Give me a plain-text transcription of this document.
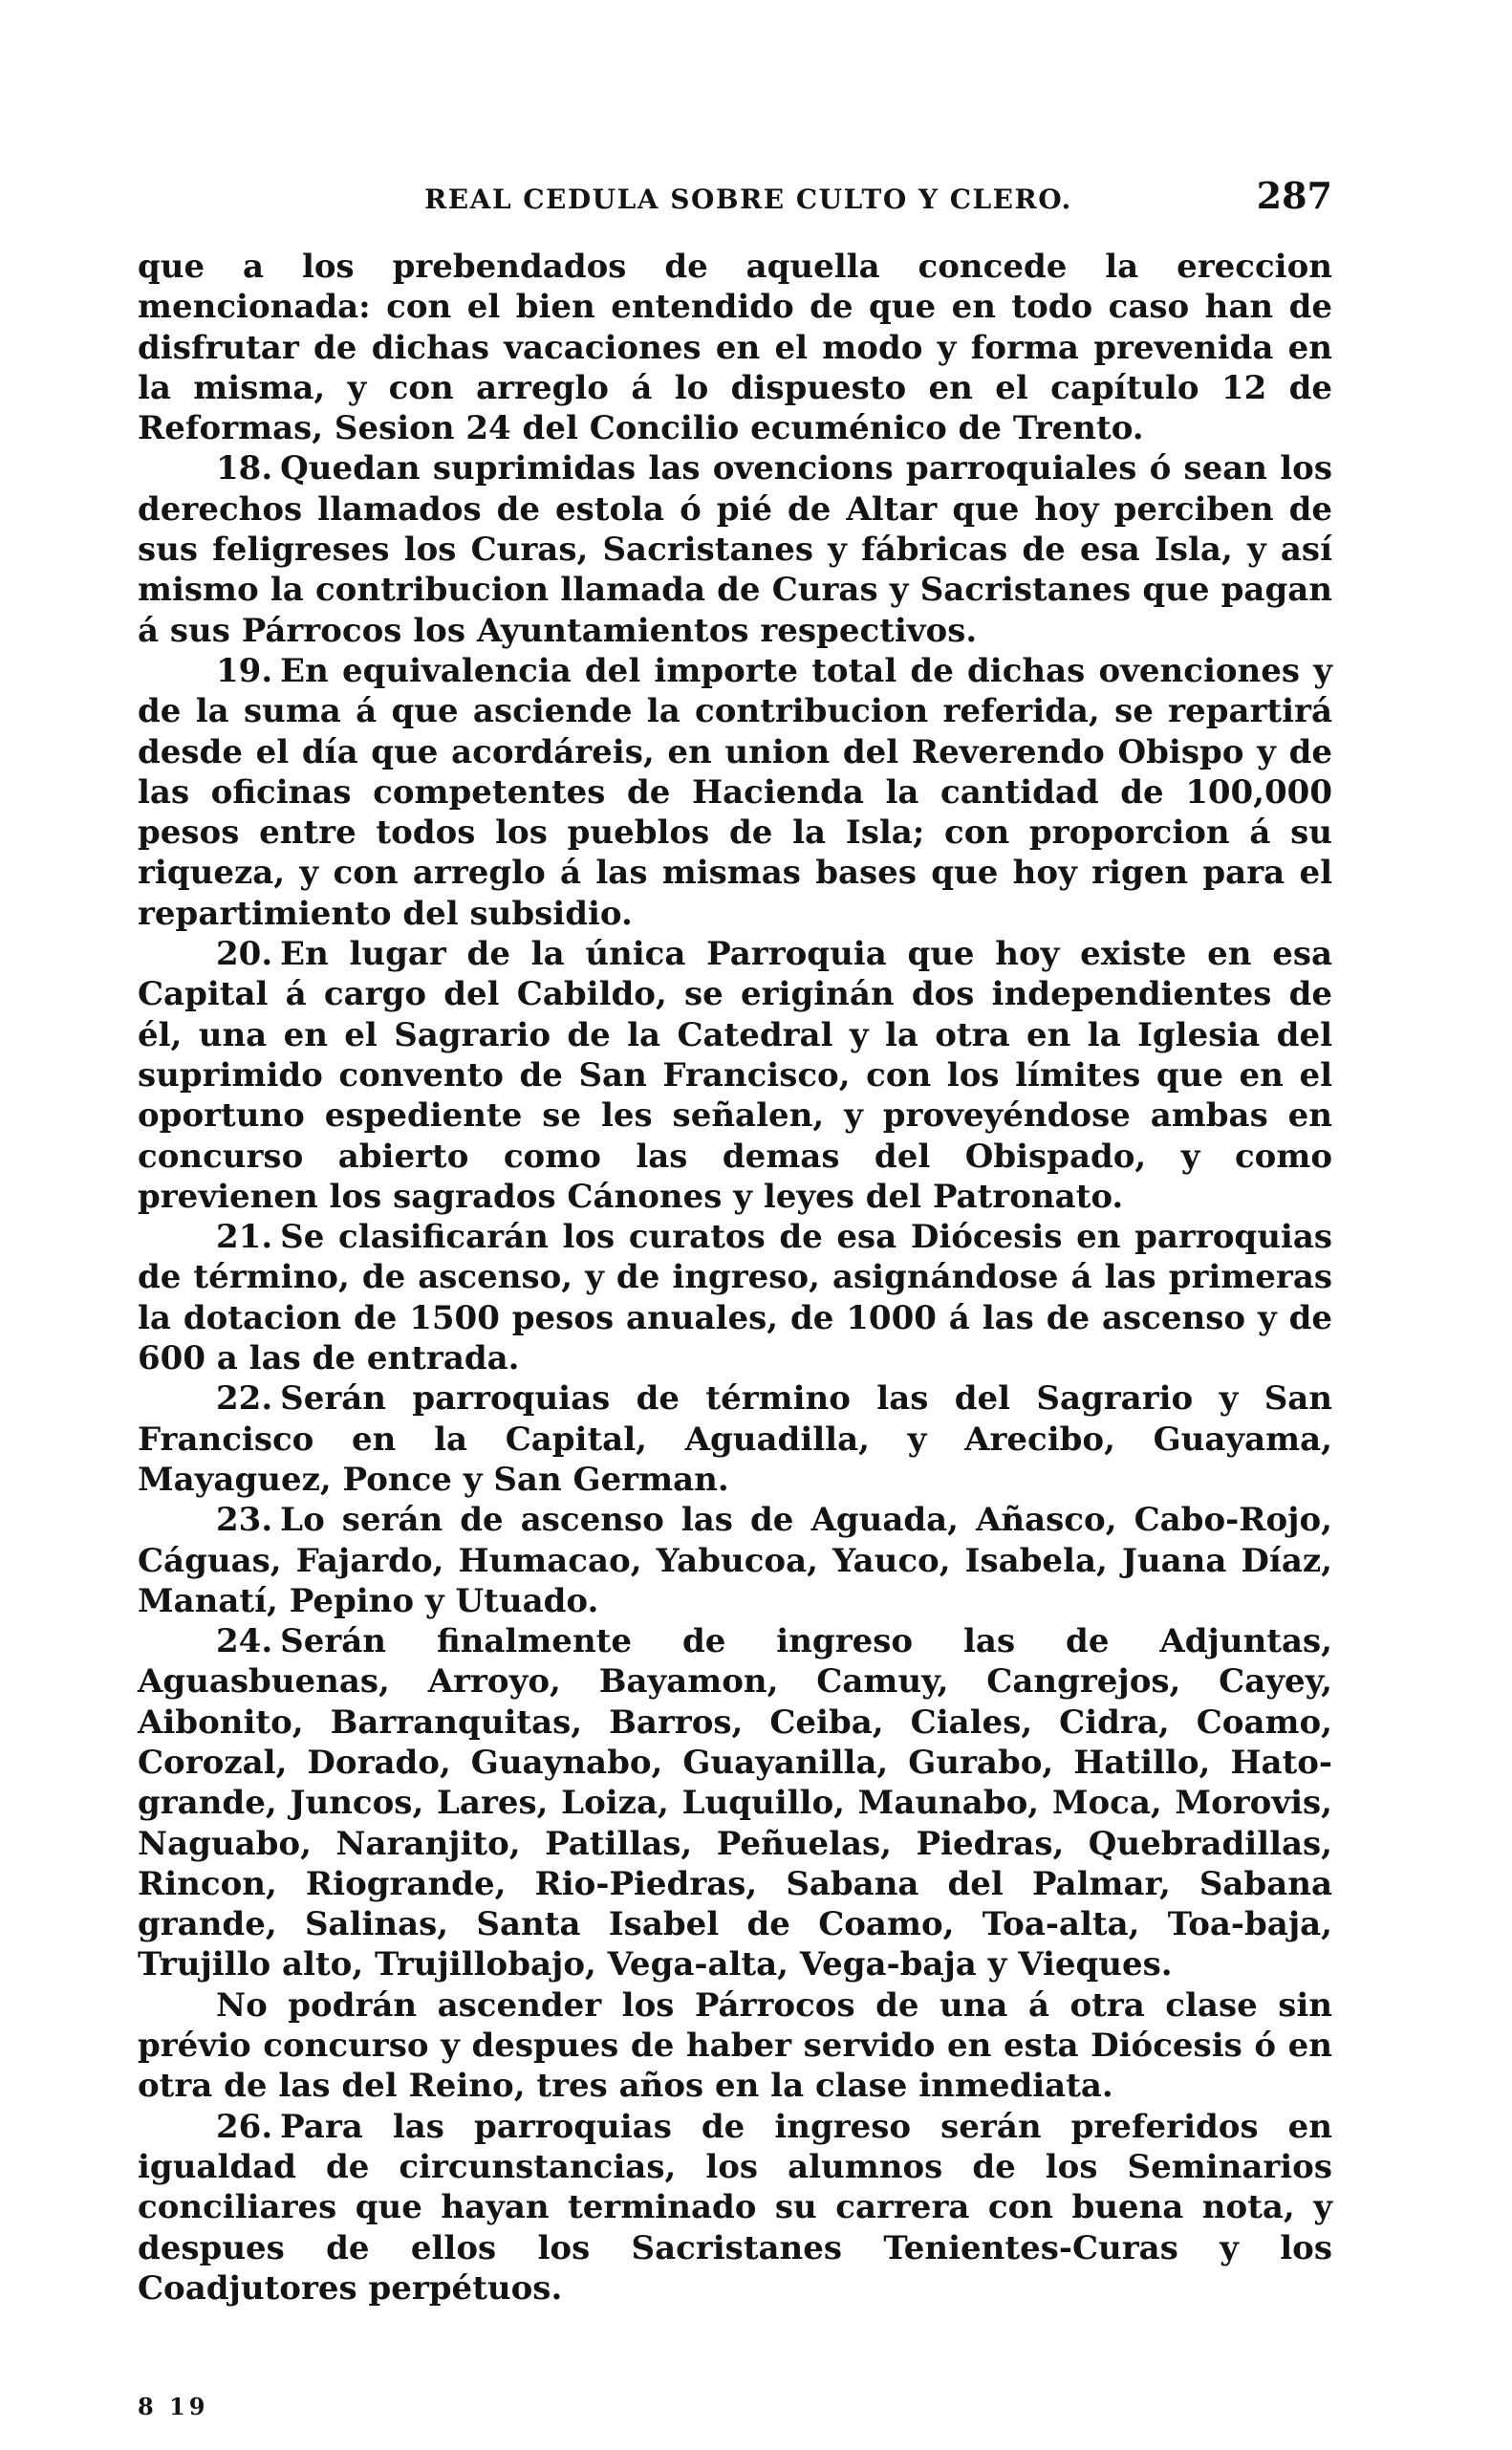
REAL CEDULA SOBRE CULTO Y CLERO.	287

que a los prebendados de aquella concede la ereccion mencionada: con el bien entendido de que en todo caso han de disfrutar de dichas vacaciones en el modo y forma prevenida en la misma, y con arreglo á lo dispuesto en el capítulo 12 de Reformas, Sesion 24 del Concilio ecuménico de Trento.

18. Quedan suprimidas las ovencions parroquiales ó sean los derechos llamados de estola ó pié de Altar que hoy perciben de sus feligreses los Curas, Sacristanes y fábricas de esa Isla, y así mismo la contribucion llamada de Curas y Sacristanes que pagan á sus Párrocos los Ayuntamientos respectivos.

19. En equivalencia del importe total de dichas ovenciones y de la suma á que asciende la contribucion referida, se repartirá desde el día que acordáreis, en union del Reverendo Obispo y de las oficinas competentes de Hacienda la cantidad de 100,000 pesos entre todos los pueblos de la Isla; con proporcion á su riqueza, y con arreglo á las mismas bases que hoy rigen para el repartimiento del subsidio.

20. En lugar de la única Parroquia que hoy existe en esa Capital á cargo del Cabildo, se eriginán dos independientes de él, una en el Sagrario de la Catedral y la otra en la Iglesia del suprimido convento de San Francisco, con los límites que en el oportuno espediente se les señalen, y proveyéndose ambas en concurso abierto como las demas del Obispado, y como previenen los sagrados Cánones y leyes del Patronato.

21. Se clasificarán los curatos de esa Diócesis en parroquias de término, de ascenso, y de ingreso, asignándose á las primeras la dotacion de 1500 pesos anuales, de 1000 á las de ascenso y de 600 a las de entrada.

22. Serán parroquias de término las del Sagrario y San Francisco en la Capital, Aguadilla, y Arecibo, Guayama, Mayaguez, Ponce y San German.

23. Lo serán de ascenso las de Aguada, Añasco, Cabo-Rojo, Cáguas, Fajardo, Humacao, Yabucoa, Yauco, Isabela, Juana Díaz, Manatí, Pepino y Utuado.

24. Serán finalmente de ingreso las de Adjuntas, Aguasbuenas, Arroyo, Bayamon, Camuy, Cangrejos, Cayey, Aibonito, Barranquitas, Barros, Ceiba, Ciales, Cidra, Coamo, Corozal, Dorado, Guaynabo, Guayanilla, Gurabo, Hatillo, Hato-grande, Juncos, Lares, Loiza, Luquillo, Maunabo, Moca, Morovis, Naguabo, Naranjito, Patillas, Peñuelas, Piedras, Quebradillas, Rincon, Riogrande, Rio-Piedras, Sabana del Palmar, Sabana grande, Salinas, Santa Isabel de Coamo, Toa-alta, Toa-baja, Trujillo alto, Trujillobajo, Vega-alta, Vega-baja y Vieques.

No podrán ascender los Párrocos de una á otra clase sin prévio concurso y despues de haber servido en esta Diócesis ó en otra de las del Reino, tres años en la clase inmediata.

26. Para las parroquias de ingreso serán preferidos en igualdad de circunstancias, los alumnos de los Seminarios conciliares que hayan terminado su carrera con buena nota, y despues de ellos los Sacristanes Tenientes-Curas y los Coadjutores perpétuos.

8 19
